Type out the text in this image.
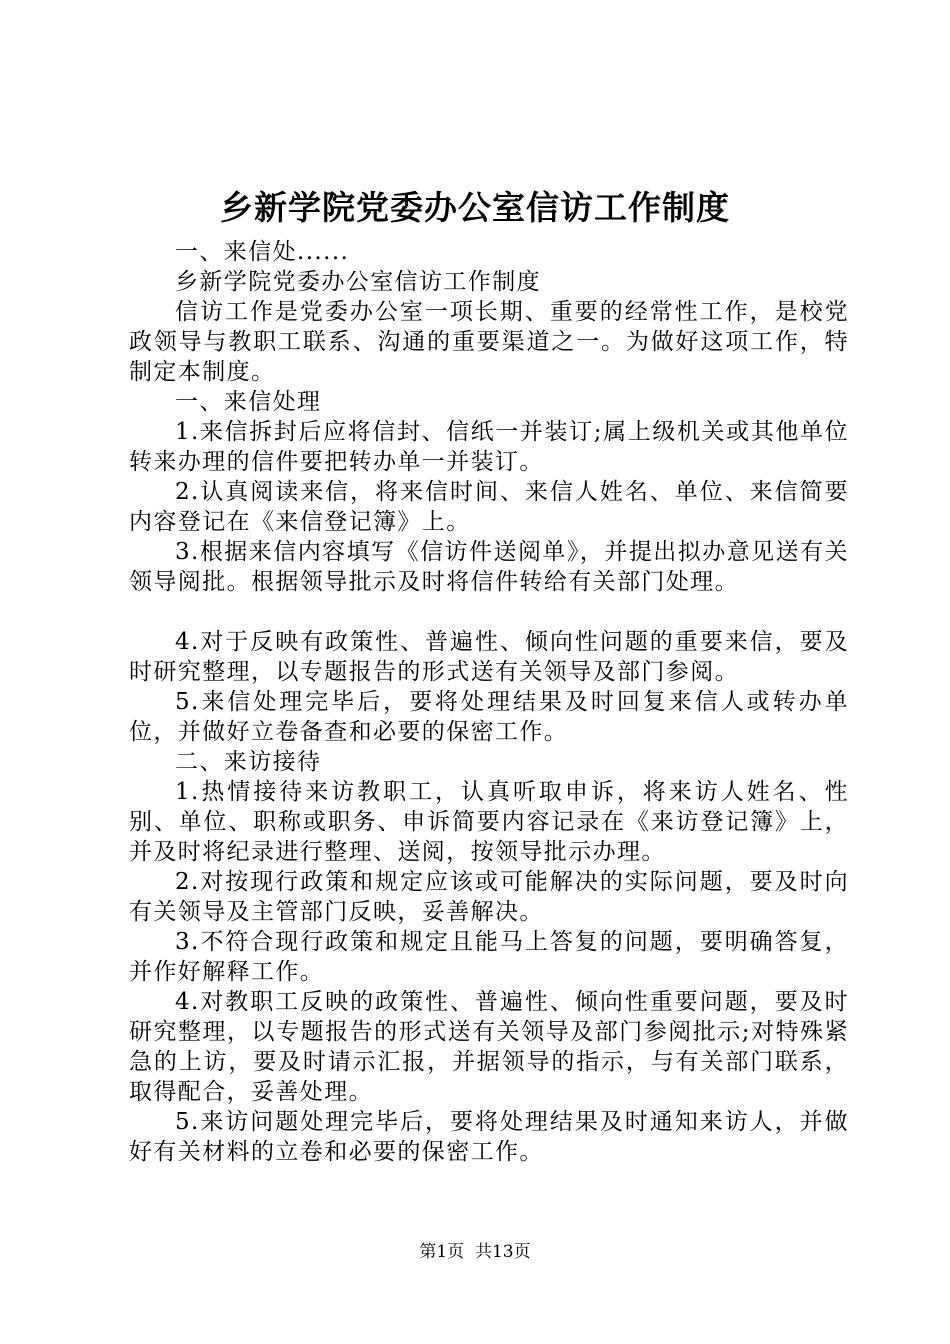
乡新学院党委办公室信访工作制度

一、来信处......

乡新学院党委办公室信访工作制度

信访工作是党委办公室一项长期、重要的经常性工作，是校党政领导与教职工联系、沟通的重要渠道之一。为做好这项工作，特制定本制度。

一、来信处理

1.来信拆封后应将信封、信纸一并装订;属上级机关或其他单位转来办理的信件要把转办单一并装订。

2.认真阅读来信，将来信时间、来信人姓名、单位、来信简要内容登记在《来信登记簿》上。

3.根据来信内容填写《信访件送阅单》，并提出拟办意见送有关领导阅批。根据领导批示及时将信件转给有关部门处理。

4.对于反映有政策性、普遍性、倾向性问题的重要来信，要及时研究整理，以专题报告的形式送有关领导及部门参阅。

5.来信处理完毕后，要将处理结果及时回复来信人或转办单位，并做好立卷备查和必要的保密工作。

二、来访接待

1.热情接待来访教职工，认真听取申诉，将来访人姓名、性别、单位、职称或职务、申诉简要内容记录在《来访登记簿》上，并及时将纪录进行整理、送阅，按领导批示办理。

2.对按现行政策和规定应该或可能解决的实际问题，要及时向有关领导及主管部门反映，妥善解决。

3.不符合现行政策和规定且能马上答复的问题，要明确答复，并作好解释工作。

4.对教职工反映的政策性、普遍性、倾向性重要问题，要及时研究整理，以专题报告的形式送有关领导及部门参阅批示;对特殊紧急的上访，要及时请示汇报，并据领导的指示，与有关部门联系，取得配合，妥善处理。

5.来访问题处理完毕后，要将处理结果及时通知来访人，并做好有关材料的立卷和必要的保密工作。

第1页  共13页
